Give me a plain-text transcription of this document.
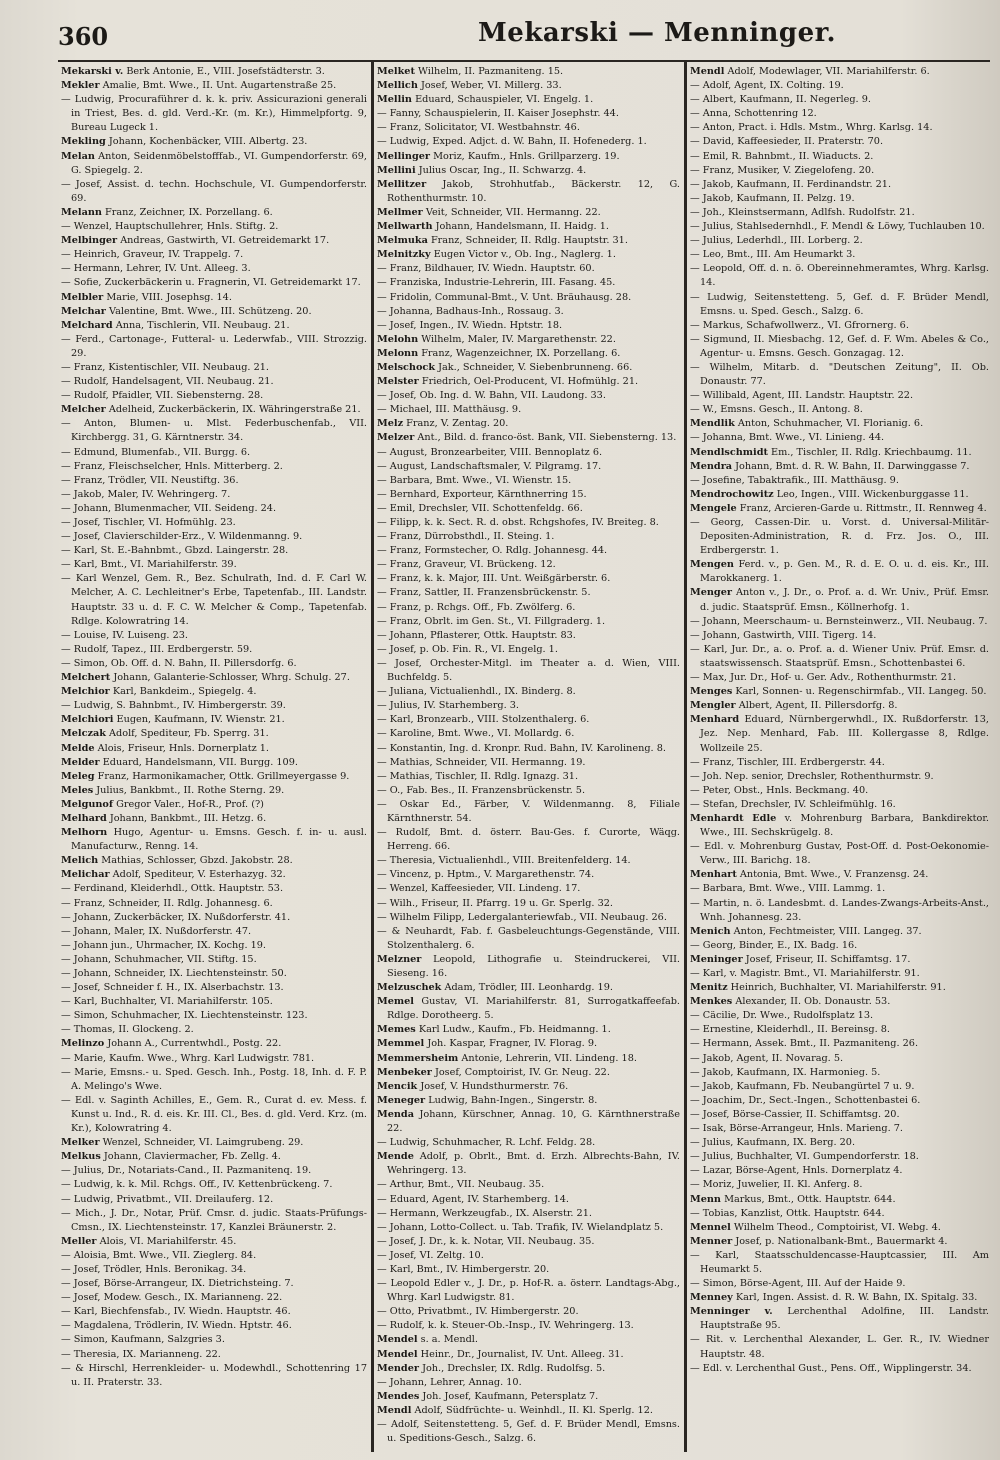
360	Mekarski — Menninger.

Mekarski v. Berk Antonie, E., VIII. Josefstädterstr. 3.

Mekler Amalie, Bmt. Wwe., II. Unt. Augartenstraße 25.

— Ludwig, Procuraführer d. k. k. priv. Assicurazioni generali in Triest, Bes. d. gld. Verd.-Kr. (m. Kr.), Himmelpfortg. 9, Bureau Lugeck 1.

Mekling Johann, Kochenbäcker, VIII. Albertg. 23.

Melan Anton, Seidenmöbelstofffab., VI. Gumpendorferstr. 69, G. Spiegelg. 2.

— Josef, Assist. d. techn. Hochschule, VI. Gumpendorferstr. 69.

Melann Franz, Zeichner, IX. Porzellang. 6.

— Wenzel, Hauptschullehrer, Hnls. Stiftg. 2.

Melbinger Andreas, Gastwirth, VI. Getreidemarkt 17.

— Heinrich, Graveur, IV. Trappelg. 7.

— Hermann, Lehrer, IV. Unt. Alleeg. 3.

— Sofie, Zuckerbäckerin u. Fragnerin, VI. Getreidemarkt 17.

Melbler Marie, VIII. Josephsg. 14.

Melchar Valentine, Bmt. Wwe., III. Schützeng. 20.

Melchard Anna, Tischlerin, VII. Neubaug. 21.

— Ferd., Cartonage-, Futteral- u. Lederwfab., VIII. Strozzig. 29.

— Franz, Kistentischler, VII. Neubaug. 21.

— Rudolf, Handelsagent, VII. Neubaug. 21.

— Rudolf, Pfaidler, VII. Siebensterng. 28.

Melcher Adelheid, Zuckerbäckerin, IX. Währingerstraße 21.

— Anton, Blumen- u. Mlst. Federbuschenfab., VII. Kirchbergg. 31, G. Kärntnerstr. 34.

— Edmund, Blumenfab., VII. Burgg. 6.

— Franz, Fleischselcher, Hnls. Mitterberg. 2.

— Franz, Trödler, VII. Neustiftg. 36.

— Jakob, Maler, IV. Wehringerg. 7.

— Johann, Blumenmacher, VII. Seideng. 24.

— Josef, Tischler, VI. Hofmühlg. 23.

— Josef, Clavierschilder-Erz., V. Wildenmanng. 9.

— Karl, St. E.-Bahnbmt., Gbzd. Laingerstr. 28.

— Karl, Bmt., VI. Mariahilferstr. 39.

— Karl Wenzel, Gem. R., Bez. Schulrath, Ind. d. F. Carl W. Melcher, A. C. Lechleitner's Erbe, Tapetenfab., III. Landstr. Hauptstr. 33 u. d. F. C. W. Melcher & Comp., Tapetenfab. Rdlge. Kolowratring 14.

— Louise, IV. Luiseng. 23.

— Rudolf, Tapez., III. Erdbergerstr. 59.

— Simon, Ob. Off. d. N. Bahn, II. Pillersdorfg. 6.

Melchert Johann, Galanterie-Schlosser, Whrg. Schulg. 27.

Melchior Karl, Bankdeim., Spiegelg. 4.

— Ludwig, S. Bahnbmt., IV. Himbergerstr. 39.

Melchiori Eugen, Kaufmann, IV. Wienstr. 21.

Melczak Adolf, Spediteur, Fb. Sperrg. 31.

Melde Alois, Friseur, Hnls. Dornerplatz 1.

Melder Eduard, Handelsmann, VII. Burgg. 109.

Meleg Franz, Harmonikamacher, Ottk. Grillmeyergasse 9.

Meles Julius, Bankbmt., II. Rothe Sterng. 29.

Melgunof Gregor Valer., Hof-R., Prof. (?)

Melhard Johann, Bankbmt., III. Hetzg. 6.

Melhorn Hugo, Agentur- u. Emsns. Gesch. f. in- u. ausl. Manufacturw., Renng. 14.

Melich Mathias, Schlosser, Gbzd. Jakobstr. 28.

Melichar Adolf, Spediteur, V. Esterhazyg. 32.

— Ferdinand, Kleiderhdl., Ottk. Hauptstr. 53.

— Franz, Schneider, II. Rdlg. Johannesg. 6.

— Johann, Zuckerbäcker, IX. Nußdorferstr. 41.

— Johann, Maler, IX. Nußdorferstr. 47.

— Johann jun., Uhrmacher, IX. Kochg. 19.

— Johann, Schuhmacher, VII. Stiftg. 15.

— Johann, Schneider, IX. Liechtensteinstr. 50.

— Josef, Schneider f. H., IX. Alserbachstr. 13.

— Karl, Buchhalter, VI. Mariahilferstr. 105.

— Simon, Schuhmacher, IX. Liechtensteinstr. 123.

— Thomas, II. Glockeng. 2.

Melinzo Johann A., Currentwhdl., Postg. 22.

— Marie, Kaufm. Wwe., Whrg. Karl Ludwigstr. 781.

— Marie, Emsns.- u. Sped. Gesch. Inh., Postg. 18, Inh. d. F. P. A. Melingo's Wwe.

— Edl. v. Saginth Achilles, E., Gem. R., Curat d. ev. Mess. f. Kunst u. Ind., R. d. eis. Kr. III. Cl., Bes. d. gld. Verd. Krz. (m. Kr.), Kolowratring 4.

Melker Wenzel, Schneider, VI. Laimgrubeng. 29.

Melkus Johann, Claviermacher, Fb. Zellg. 4.

— Julius, Dr., Notariats-Cand., II. Pazmanitenq. 19.

— Ludwig, k. k. Mil. Rchgs. Off., IV. Kettenbrückeng. 7.

— Ludwig, Privatbmt., VII. Dreilauferg. 12.

— Mich., J. Dr., Notar, Prüf. Cmsr. d. judic. Staats-Prüfungs-Cmsn., IX. Liechtensteinstr. 17, Kanzlei Bräunerstr. 2.

Meller Alois, VI. Mariahilferstr. 45.

— Aloisia, Bmt. Wwe., VII. Zieglerg. 84.

— Josef, Trödler, Hnls. Beronikag. 34.

— Josef, Börse-Arrangeur, IX. Dietrichsteing. 7.

— Josef, Modew. Gesch., IX. Marianneng. 22.

— Karl, Biechfensfab., IV. Wiedn. Hauptstr. 46.

— Magdalena, Trödlerin, IV. Wiedn. Hptstr. 46.

— Simon, Kaufmann, Salzgries 3.

— Theresia, IX. Marianneng. 22.

— & Hirschl, Herrenkleider- u. Modewhdl., Schottenring 17 u. II. Praterstr. 33.

Melket Wilhelm, II. Pazmaniteng. 15.

Mellich Josef, Weber, VI. Millerg. 33.

Mellin Eduard, Schauspieler, VI. Engelg. 1.

— Fanny, Schauspielerin, II. Kaiser Josephstr. 44.

— Franz, Solicitator, VI. Westbahnstr. 46.

— Ludwig, Exped. Adjct. d. W. Bahn, II. Hofenederg. 1.

Mellinger Moriz, Kaufm., Hnls. Grillparzerg. 19.

Mellini Julius Oscar, Ing., II. Schwarzg. 4.

Mellitzer Jakob, Strohhutfab., Bäckerstr. 12, G. Rothenthurmstr. 10.

Mellmer Veit, Schneider, VII. Hermanng. 22.

Mellwarth Johann, Handelsmann, II. Haidg. 1.

Melmuka Franz, Schneider, II. Rdlg. Hauptstr. 31.

Melnitzky Eugen Victor v., Ob. Ing., Naglerg. 1.

— Franz, Bildhauer, IV. Wiedn. Hauptstr. 60.

— Franziska, Industrie-Lehrerin, III. Fasang. 45.

— Fridolin, Communal-Bmt., V. Unt. Bräuhausg. 28.

— Johanna, Badhaus-Inh., Rossaug. 3.

— Josef, Ingen., IV. Wiedn. Hptstr. 18.

Melohn Wilhelm, Maler, IV. Margarethenstr. 22.

Melonn Franz, Wagenzeichner, IX. Porzellang. 6.

Melschock Jak., Schneider, V. Siebenbrunneng. 66.

Melster Friedrich, Oel-Producent, VI. Hofmühlg. 21.

— Josef, Ob. Ing. d. W. Bahn, VII. Laudong. 33.

— Michael, III. Matthäusg. 9.

Melz Franz, V. Zentag. 20.

Melzer Ant., Bild. d. franco-öst. Bank, VII. Siebensterng. 13.

— August, Bronzearbeiter, VIII. Bennoplatz 6.

— August, Landschaftsmaler, V. Pilgramg. 17.

— Barbara, Bmt. Wwe., VI. Wienstr. 15.

— Bernhard, Exporteur, Kärnthnerring 15.

— Emil, Drechsler, VII. Schottenfeldg. 66.

— Filipp, k. k. Sect. R. d. obst. Rchgshofes, IV. Breiteg. 8.

— Franz, Dürrobsthdl., II. Steing. 1.

— Franz, Formstecher, O. Rdlg. Johannesg. 44.

— Franz, Graveur, VI. Brückeng. 12.

— Franz, k. k. Major, III. Unt. Weißgärberstr. 6.

— Franz, Sattler, II. Franzensbrückenstr. 5.

— Franz, p. Rchgs. Off., Fb. Zwölferg. 6.

— Franz, Obrlt. im Gen. St., VI. Fillgraderg. 1.

— Johann, Pflasterer, Ottk. Hauptstr. 83.

— Josef, p. Ob. Fin. R., VI. Engelg. 1.

— Josef, Orchester-Mitgl. im Theater a. d. Wien, VIII. Buchfeldg. 5.

— Juliana, Victualienhdl., IX. Binderg. 8.

— Julius, IV. Starhemberg. 3.

— Karl, Bronzearb., VIII. Stolzenthalerg. 6.

— Karoline, Bmt. Wwe., VI. Mollardg. 6.

— Konstantin, Ing. d. Kronpr. Rud. Bahn, IV. Karolineng. 8.

— Mathias, Schneider, VII. Hermanng. 19.

— Mathias, Tischler, II. Rdlg. Ignazg. 31.

— O., Fab. Bes., II. Franzensbrückenstr. 5.

— Oskar Ed., Färber, V. Wildenmanng. 8, Filiale Kärnthnerstr. 54.

— Rudolf, Bmt. d. österr. Bau-Ges. f. Curorte, Wäqg. Herreng. 66.

— Theresia, Victualienhdl., VIII. Breitenfelderg. 14.

— Vincenz, p. Hptm., V. Margarethenstr. 74.

— Wenzel, Kaffeesieder, VII. Lindeng. 17.

— Wilh., Friseur, II. Pfarrg. 19 u. Gr. Sperlg. 32.

— Wilhelm Filipp, Ledergalanteriewfab., VII. Neubaug. 26.

— & Neuhardt, Fab. f. Gasbeleuchtungs-Gegenstände, VIII. Stolzenthalerg. 6.

Melzner Leopold, Lithografie u. Steindruckerei, VII. Sieseng. 16.

Melzuschek Adam, Trödler, III. Leonhardg. 19.

Memel Gustav, VI. Mariahilferstr. 81, Surrogatkaffeefab. Rdlge. Dorotheerg. 5.

Memes Karl Ludw., Kaufm., Fb. Heidmanng. 1.

Memmel Joh. Kaspar, Fragner, IV. Florag. 9.

Memmersheim Antonie, Lehrerin, VII. Lindeng. 18.

Menbeker Josef, Comptoirist, IV. Gr. Neug. 22.

Mencik Josef, V. Hundsthurmerstr. 76.

Meneger Ludwig, Bahn-Ingen., Singerstr. 8.

Menda Johann, Kürschner, Annag. 10, G. Kärnthnerstraße 22.

— Ludwig, Schuhmacher, R. Lchf. Feldg. 28.

Mende Adolf, p. Obrlt., Bmt. d. Erzh. Albrechts-Bahn, IV. Wehringerg. 13.

— Arthur, Bmt., VII. Neubaug. 35.

— Eduard, Agent, IV. Starhemberg. 14.

— Hermann, Werkzeugfab., IX. Alserstr. 21.

— Johann, Lotto-Collect. u. Tab. Trafik, IV. Wielandplatz 5.

— Josef, J. Dr., k. k. Notar, VII. Neubaug. 35.

— Josef, VI. Zeltg. 10.

— Karl, Bmt., IV. Himbergerstr. 20.

— Leopold Edler v., J. Dr., p. Hof-R. a. österr. Landtags-Abg., Whrg. Karl Ludwigstr. 81.

— Otto, Privatbmt., IV. Himbergerstr. 20.

— Rudolf, k. k. Steuer-Ob.-Insp., IV. Wehringerg. 13.

Mendel s. a. Mendl.

Mendel Heinr., Dr., Journalist, IV. Unt. Alleeg. 31.

Mender Joh., Drechsler, IX. Rdlg. Rudolfsg. 5.

— Johann, Lehrer, Annag. 10.

Mendes Joh. Josef, Kaufmann, Petersplatz 7.

Mendl Adolf, Südfrüchte- u. Weinhdl., II. Kl. Sperlg. 12.

— Adolf, Seitenstetteng. 5, Gef. d. F. Brüder Mendl, Emsns. u. Speditions-Gesch., Salzg. 6.

Mendl Adolf, Modewlager, VII. Mariahilferstr. 6.

— Adolf, Agent, IX. Colting. 19.

— Albert, Kaufmann, II. Negerleg. 9.

— Anna, Schottenring 12.

— Anton, Pract. i. Hdls. Mstm., Whrg. Karlsg. 14.

— David, Kaffeesieder, II. Praterstr. 70.

— Emil, R. Bahnbmt., II. Wiaducts. 2.

— Franz, Musiker, V. Ziegelofeng. 20.

— Jakob, Kaufmann, II. Ferdinandstr. 21.

— Jakob, Kaufmann, II. Pelzg. 19.

— Joh., Kleinstsermann, Adlfsh. Rudolfstr. 21.

— Julius, Stahlsedernhdl., F. Mendl & Löwy, Tuchlauben 10.

— Julius, Lederhdl., III. Lorberg. 2.

— Leo, Bmt., III. Am Heumarkt 3.

— Leopold, Off. d. n. ö. Obereinnehmeramtes, Whrg. Karlsg. 14.

— Ludwig, Seitenstetteng. 5, Gef. d. F. Brüder Mendl, Emsns. u. Sped. Gesch., Salzg. 6.

— Markus, Schafwollwerz., VI. Gfrornerg. 6.

— Sigmund, II. Miesbachg. 12, Gef. d. F. Wm. Abeles & Co., Agentur- u. Emsns. Gesch. Gonzagag. 12.

— Wilhelm, Mitarb. d. "Deutschen Zeitung", II. Ob. Donaustr. 77.

— Willibald, Agent, III. Landstr. Hauptstr. 22.

— W., Emsns. Gesch., II. Antong. 8.

Mendlik Anton, Schuhmacher, VI. Florianig. 6.

— Johanna, Bmt. Wwe., VI. Linieng. 44.

Mendlschmidt Em., Tischler, II. Rdlg. Kriechbaumg. 11.

Mendra Johann, Bmt. d. R. W. Bahn, II. Darwinggasse 7.

— Josefine, Tabaktrafik., III. Matthäusg. 9.

Mendrochowitz Leo, Ingen., VIII. Wickenburggasse 11.

Mengele Franz, Arcieren-Garde u. Rittmstr., II. Rennweg 4.

— Georg, Cassen-Dir. u. Vorst. d. Universal-Militär-Depositen-Administration, R. d. Frz. Jos. O., III. Erdbergerstr. 1.

Mengen Ferd. v., p. Gen. M., R. d. E. O. u. d. eis. Kr., III. Marokkanerg. 1.

Menger Anton v., J. Dr., o. Prof. a. d. Wr. Univ., Prüf. Emsr. d. judic. Staatsprüf. Emsn., Köllnerhofg. 1.

— Johann, Meerschaum- u. Bernsteinwerz., VII. Neubaug. 7.

— Johann, Gastwirth, VIII. Tigerg. 14.

— Karl, Jur. Dr., a. o. Prof. a. d. Wiener Univ. Prüf. Emsr. d. staatswissensch. Staatsprüf. Emsn., Schottenbastei 6.

— Max, Jur. Dr., Hof- u. Ger. Adv., Rothenthurmstr. 21.

Menges Karl, Sonnen- u. Regenschirmfab., VII. Langeg. 50.

Mengler Albert, Agent, II. Pillersdorfg. 8.

Menhard Eduard, Nürnbergerwhdl., IX. Rußdorferstr. 13, Jez. Nep. Menhard, Fab. III. Kollergasse 8, Rdlge. Wollzeile 25.

— Franz, Tischler, III. Erdbergerstr. 44.

— Joh. Nep. senior, Drechsler, Rothenthurmstr. 9.

— Peter, Obst., Hnls. Beckmang. 40.

— Stefan, Drechsler, IV. Schleifmühlg. 16.

Menhardt Edle v. Mohrenburg Barbara, Bankdirektor. Wwe., III. Sechskrügelg. 8.

— Edl. v. Mohrenburg Gustav, Post-Off. d. Post-Oekonomie-Verw., III. Barichg. 18.

Menhart Antonia, Bmt. Wwe., V. Franzensg. 24.

— Barbara, Bmt. Wwe., VIII. Lammg. 1.

— Martin, n. ö. Landesbmt. d. Landes-Zwangs-Arbeits-Anst., Wnh. Johannesg. 23.

Menich Anton, Fechtmeister, VIII. Langeg. 37.

— Georg, Binder, E., IX. Badg. 16.

Meninger Josef, Friseur, II. Schiffamtsg. 17.

— Karl, v. Magistr. Bmt., VI. Mariahilferstr. 91.

Menitz Heinrich, Buchhalter, VI. Mariahilferstr. 91.

Menkes Alexander, II. Ob. Donaustr. 53.

— Cäcilie, Dr. Wwe., Rudolfsplatz 13.

— Ernestine, Kleiderhdl., II. Bereinsg. 8.

— Hermann, Assek. Bmt., II. Pazmaniteng. 26.

— Jakob, Agent, II. Novarag. 5.

— Jakob, Kaufmann, IX. Harmonieg. 5.

— Jakob, Kaufmann, Fb. Neubangürtel 7 u. 9.

— Joachim, Dr., Sect.-Ingen., Schottenbastei 6.

— Josef, Börse-Cassier, II. Schiffamtsg. 20.

— Isak, Börse-Arrangeur, Hnls. Marieng. 7.

— Julius, Kaufmann, IX. Berg. 20.

— Julius, Buchhalter, VI. Gumpendorferstr. 18.

— Lazar, Börse-Agent, Hnls. Dornerplatz 4.

— Moriz, Juwelier, II. Kl. Anferg. 8.

Menn Markus, Bmt., Ottk. Hauptstr. 644.

— Tobias, Kanzlist, Ottk. Hauptstr. 644.

Mennel Wilhelm Theod., Comptoirist, VI. Webg. 4.

Menner Josef, p. Nationalbank-Bmt., Bauermarkt 4.

— Karl, Staatsschuldencasse-Hauptcassier, III. Am Heumarkt 5.

— Simon, Börse-Agent, III. Auf der Haide 9.

Menney Karl, Ingen. Assist. d. R. W. Bahn, IX. Spitalg. 33.

Menninger v. Lerchenthal Adolfine, III. Landstr. Hauptstraße 95.

— Rit. v. Lerchenthal Alexander, L. Ger. R., IV. Wiedner Hauptstr. 48.

— Edl. v. Lerchenthal Gust., Pens. Off., Wipplingerstr. 34.
